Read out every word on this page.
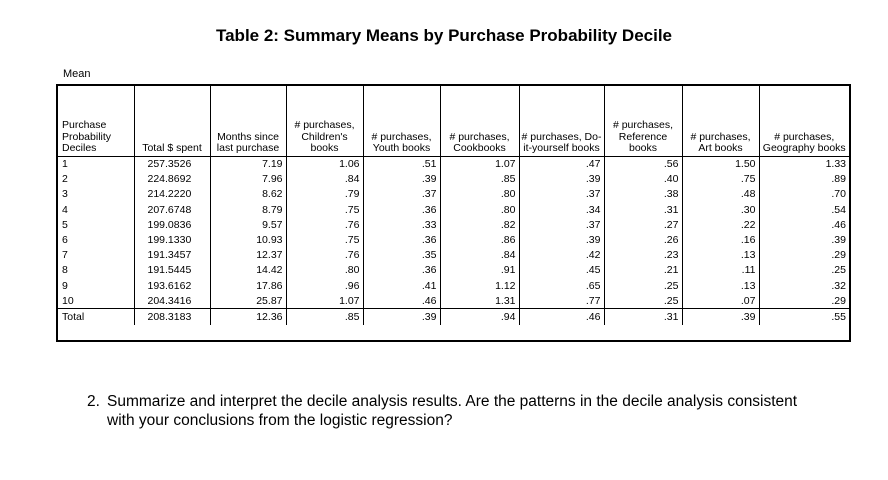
Table 2: Summary Means by Purchase Probability Decile
Mean
Purchase Probability Deciles	Total $ spent	Months since last purchase	# purchases, Children's books	# purchases, Youth books	# purchases, Cookbooks	# purchases, Do-it-yourself books	# purchases, Reference books	# purchases, Art books	# purchases, Geography books
1	257.3526	7.19	1.06	.51	1.07	.47	.56	1.50	1.33
2	224.8692	7.96	.84	.39	.85	.39	.40	.75	.89
3	214.2220	8.62	.79	.37	.80	.37	.38	.48	.70
4	207.6748	8.79	.75	.36	.80	.34	.31	.30	.54
5	199.0836	9.57	.76	.33	.82	.37	.27	.22	.46
6	199.1330	10.93	.75	.36	.86	.39	.26	.16	.39
7	191.3457	12.37	.76	.35	.84	.42	.23	.13	.29
8	191.5445	14.42	.80	.36	.91	.45	.21	.11	.25
9	193.6162	17.86	.96	.41	1.12	.65	.25	.13	.32
10	204.3416	25.87	1.07	.46	1.31	.77	.25	.07	.29
Total	208.3183	12.36	.85	.39	.94	.46	.31	.39	.55
2. Summarize and interpret the decile analysis results. Are the patterns in the decile analysis consistent with your conclusions from the logistic regression?
